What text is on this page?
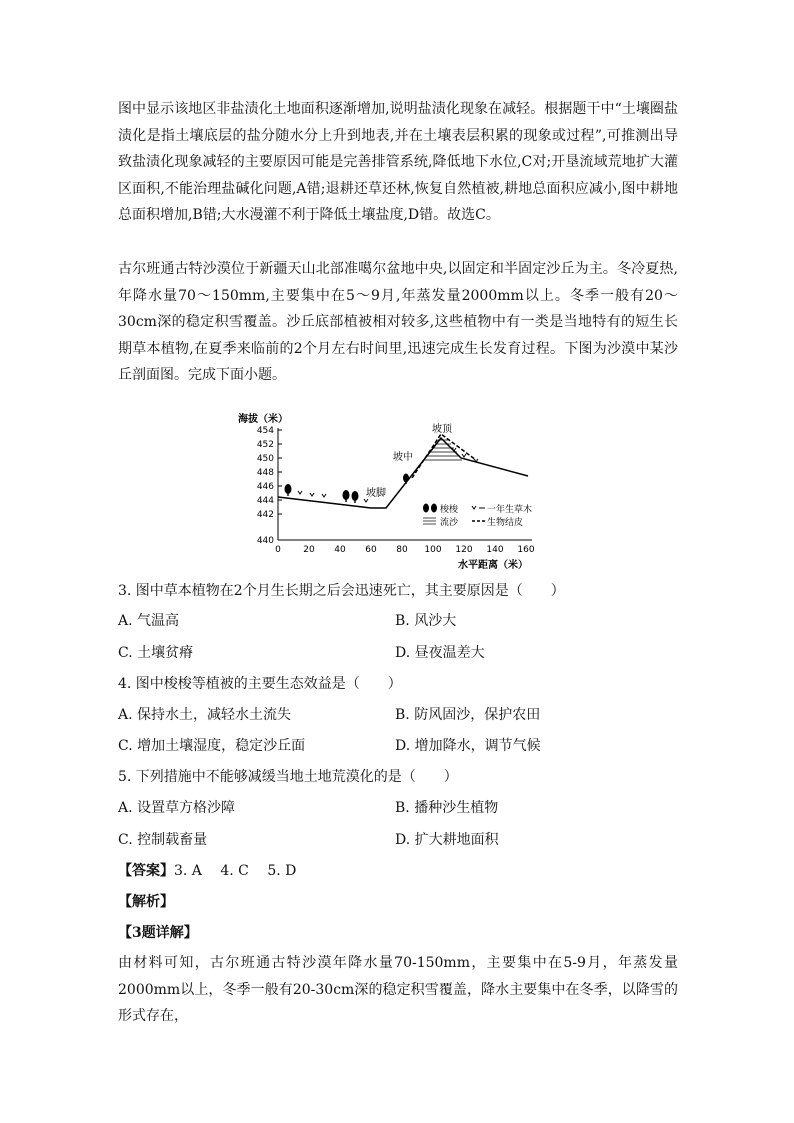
图中显示该地区非盐渍化土地面积逐渐增加,说明盐渍化现象在减轻。根据题干中“土壤圈盐渍化是指土壤底层的盐分随水分上升到地表,并在土壤表层积累的现象或过程”,可推测出导致盐渍化现象减轻的主要原因可能是完善排管系统,降低地下水位,C对;开垦流域荒地扩大灌区面积,不能治理盐碱化问题,A错;退耕还草还林,恢复自然植被,耕地总面积应减小,图中耕地总面积增加,B错;大水漫灌不利于降低土壤盐度,D错。故选C。

古尔班通古特沙漠位于新疆天山北部准噶尔盆地中央,以固定和半固定沙丘为主。冬冷夏热,年降水量70～150mm,主要集中在5～9月,年蒸发量2000mm以上。冬季一般有20～30cm深的稳定积雪覆盖。沙丘底部植被相对较多,这些植物中有一类是当地特有的短生长期草本植物,在夏季来临前的2个月左右时间里,迅速完成生长发育过程。下图为沙漠中某沙丘剖面图。完成下面小题。

454
452
450
448
446
444
442
440
0 20 40 60 80 100 120 140 160
海拔（米）
水平距离（米）
坡顶
坡中
坡脚
梭梭	一年生草木
流沙	生物结皮
3. 图中草本植物在2个月生长期之后会迅速死亡，其主要原因是（　　）
A. 气温高	B. 风沙大
C. 土壤贫瘠	D. 昼夜温差大
4. 图中梭梭等植被的主要生态效益是（　　）
A. 保持水土，减轻水土流失	B. 防风固沙，保护农田
C. 增加土壤湿度，稳定沙丘面	D. 增加降水，调节气候
5. 下列措施中不能够减缓当地土地荒漠化的是（　　）
A. 设置草方格沙障	B. 播种沙生植物
C. 控制载畜量	D. 扩大耕地面积
【答案】3. A　 4. C　 5. D
【解析】
【3题详解】

由材料可知，古尔班通古特沙漠年降水量70-150mm，主要集中在5-9月，年蒸发量2000mm以上，冬季一般有20-30cm深的稳定积雪覆盖，降水主要集中在冬季，以降雪的形式存在，
